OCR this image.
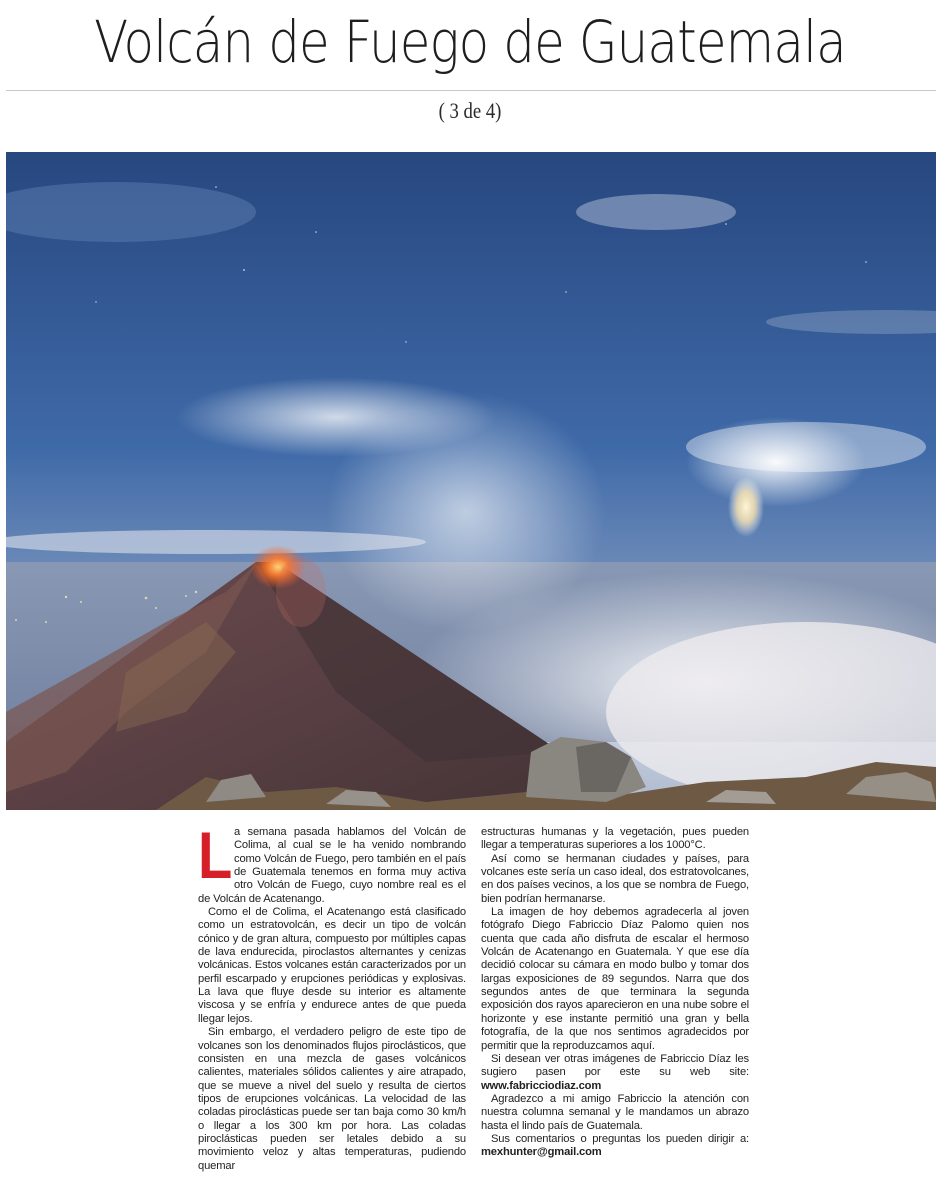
Volcán de Fuego de Guatemala
( 3 de 4)

La semana pasada hablamos del Volcán de Colima, al cual se le ha venido nombrando como Volcán de Fuego, pero también en el país de Guatemala tenemos en forma muy activa otro Volcán de Fuego, cuyo nombre real es el de Volcán de Acatenango.

Como el de Colima, el Acatenango está clasificado como un estratovolcán, es decir un tipo de volcán cónico y de gran altura, compuesto por múltiples capas de lava endurecida, piroclastos alternantes y cenizas volcánicas. Estos volcanes están caracterizados por un perfil escarpado y erupciones periódicas y explosivas. La lava que fluye desde su interior es altamente viscosa y se enfría y endurece antes de que pueda llegar lejos.

Sin embargo, el verdadero peligro de este tipo de volcanes son los denominados flujos piroclásticos, que consisten en una mezcla de gases volcánicos calientes, materiales sólidos calientes y aire atrapado, que se mueve a nivel del suelo y resulta de ciertos tipos de erupciones volcánicas. La velocidad de las coladas piroclásticas puede ser tan baja como 30 km/h o llegar a los 300 km por hora. Las coladas piroclásticas pueden ser letales debido a su movimiento veloz y altas temperaturas, pudiendo quemar

estructuras humanas y la vegetación, pues pueden llegar a temperaturas superiores a los 1000°C.

Así como se hermanan ciudades y países, para volcanes este sería un caso ideal, dos estratovolcanes, en dos países vecinos, a los que se nombra de Fuego, bien podrían hermanarse.

La imagen de hoy debemos agradecerla al joven fotógrafo Diego Fabriccio Díaz Palomo quien nos cuenta que cada año disfruta de escalar el hermoso Volcán de Acatenango en Guatemala. Y que ese día decidió colocar su cámara en modo bulbo y tomar dos largas exposiciones de 89 segundos. Narra que dos segundos antes de que terminara la segunda exposición dos rayos aparecieron en una nube sobre el horizonte y ese instante permitió una gran y bella fotografía, de la que nos sentimos agradecidos por permitir que la reproduzcamos aquí.

Si desean ver otras imágenes de Fabriccio Díaz les sugiero pasen por este su web site: www.fabricciodiaz.com

Agradezco a mi amigo Fabriccio la atención con nuestra columna semanal y le mandamos un abrazo hasta el lindo país de Guatemala.

Sus comentarios o preguntas los pueden dirigir a: mexhunter@gmail.com
